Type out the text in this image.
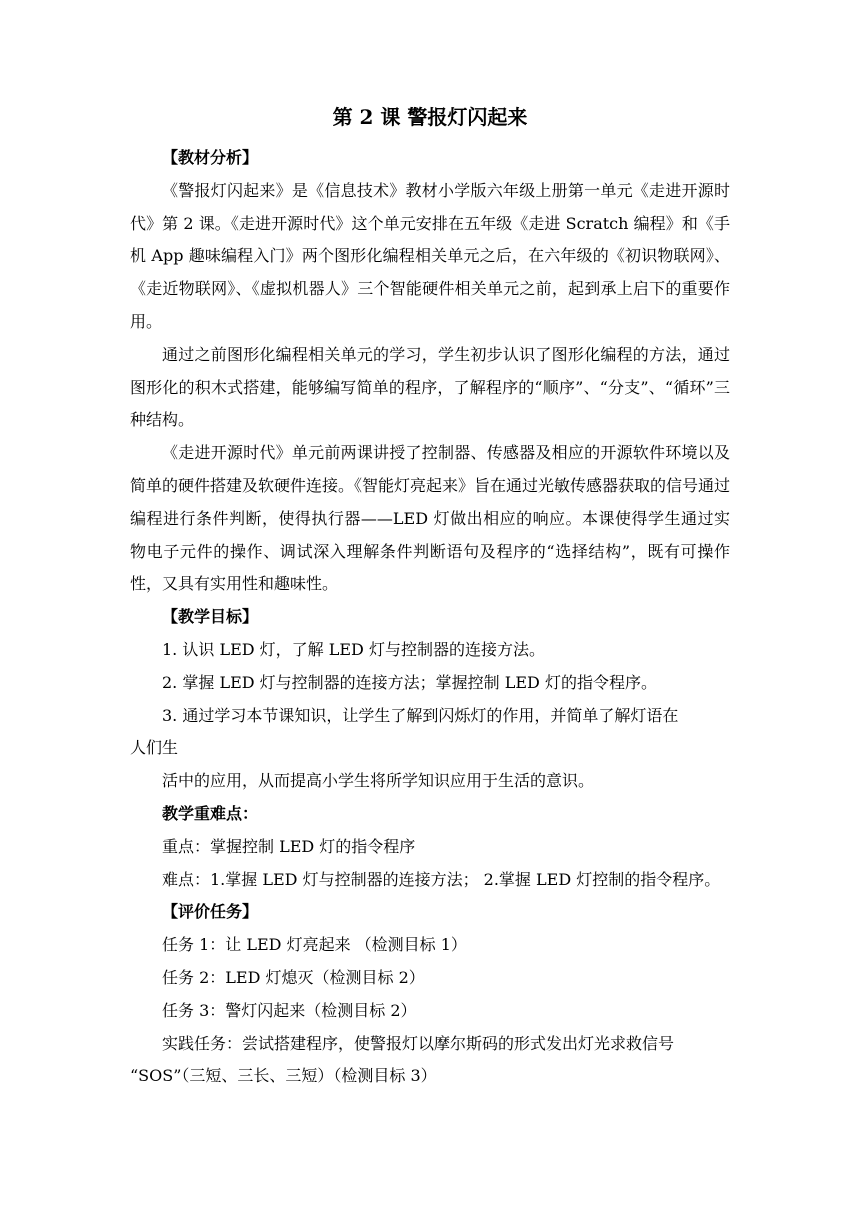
第 2 课 警报灯闪起来

【教材分析】

《警报灯闪起来》是《信息技术》教材小学版六年级上册第一单元《走进开源时代》第 2 课。《走进开源时代》这个单元安排在五年级《走进 Scratch 编程》和《手机 App 趣味编程入门》两个图形化编程相关单元之后，在六年级的《初识物联网》、《走近物联网》、《虚拟机器人》三个智能硬件相关单元之前，起到承上启下的重要作用。

通过之前图形化编程相关单元的学习，学生初步认识了图形化编程的方法，通过图形化的积木式搭建，能够编写简单的程序，了解程序的“顺序”、“分支”、“循环”三种结构。

《走进开源时代》单元前两课讲授了控制器、传感器及相应的开源软件环境以及简单的硬件搭建及软硬件连接。《智能灯亮起来》旨在通过光敏传感器获取的信号通过编程进行条件判断，使得执行器——LED 灯做出相应的响应。本课使得学生通过实物电子元件的操作、调试深入理解条件判断语句及程序的“选择结构”，既有可操作性，又具有实用性和趣味性。

【教学目标】

1. 认识 LED 灯，了解 LED 灯与控制器的连接方法。

2. 掌握 LED 灯与控制器的连接方法；掌握控制 LED 灯的指令程序。

3. 通过学习本节课知识，让学生了解到闪烁灯的作用，并简单了解灯语在

人们生

活中的应用，从而提高小学生将所学知识应用于生活的意识。

教学重难点：

重点：掌握控制 LED 灯的指令程序

难点：1.掌握 LED 灯与控制器的连接方法； 2.掌握 LED 灯控制的指令程序。

【评价任务】

任务 1：让 LED 灯亮起来 （检测目标 1）

任务 2：LED 灯熄灭（检测目标 2）

任务 3：警灯闪起来（检测目标 2）

实践任务：尝试搭建程序，使警报灯以摩尔斯码的形式发出灯光求救信号

“SOS”（三短、三长、三短）（检测目标 3）
